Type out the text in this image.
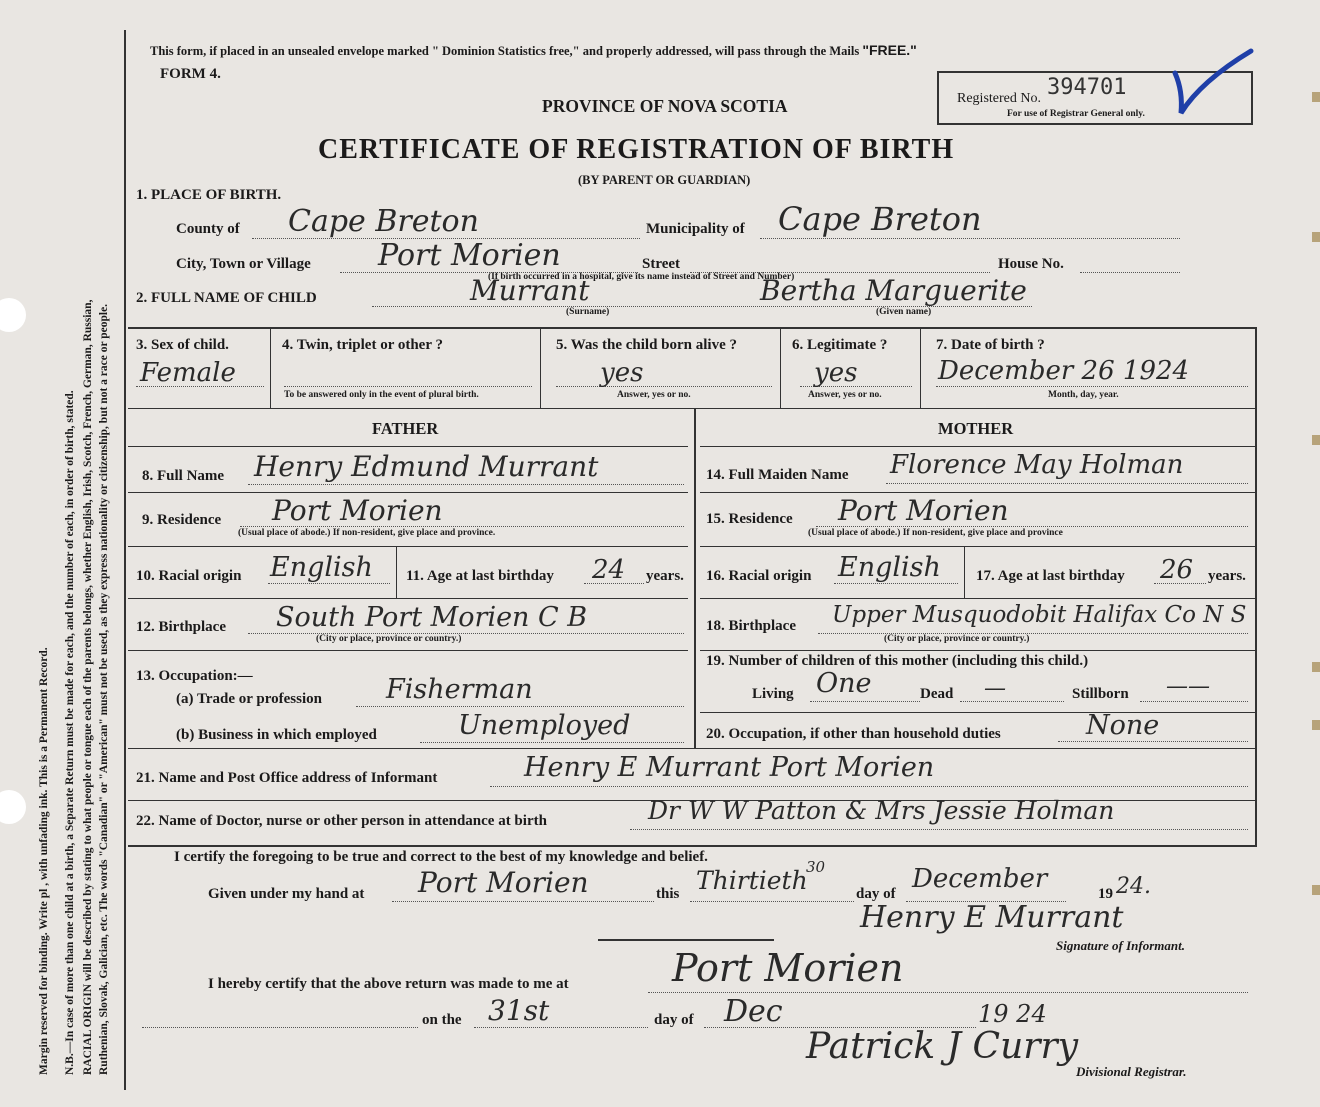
Margin reserved for binding. Write pl , with unfading ink. This is a Permanent Record. N.B.—In case of more than one child at a birth, a Separate Return must be made for each, and the number of each, in order of birth, stated. RACIAL ORIGIN will be described by stating to what people or tongue each of the parents belongs, whether English, Irish, Scotch, French, German, Russian, Ruthenian, Slovak, Galician, etc. The words "Canadian" or "American" must not be used, as they express nationality or citizenship, but not a race or people.
This form, if placed in an unsealed envelope marked " Dominion Statistics free," and properly addressed, will pass through the Mails "FREE."
FORM 4.
PROVINCE OF NOVA SCOTIA	Registered No. 394701
For use of Registrar General only.
CERTIFICATE OF REGISTRATION OF BIRTH
(BY PARENT OR GUARDIAN)
1. PLACE OF BIRTH.
County of Cape Breton	Municipality of Cape Breton
City, Town or Village Port Morien	Street	House No.
(If birth occurred in a hospital, give its name instead of Street and Number)
2. FULL NAME OF CHILD	Murrant	Bertha Marguerite
(Surname)	(Given name)
3. Sex of child.
Female
4. Twin, triplet or other ?
To be answered only in the event of plural birth.
5. Was the child born alive ?
yes
Answer, yes or no.
6. Legitimate ?
yes
Answer, yes or no.
7. Date of birth ?
December 26 1924
Month, day, year.
FATHER	MOTHER
8. Full Name Henry Edmund Murrant
9. Residence Port Morien
(Usual place of abode.) If non-resident, give place and province.
10. Racial origin English 11. Age at last birthday 24 years.
12. Birthplace South Port Morien C B
(City or place, province or country.)
13. Occupation:—
(a) Trade or profession Fisherman
(b) Business in which employed	Unemployed
14. Full Maiden Name Florence May Holman
15. Residence Port Morien
(Usual place of abode.) If non-resident, give place and province
16. Racial origin English 17. Age at last birthday 26 years.
18. Birthplace Upper Musquodobit Halifax Co N S
(City or place, province or country.)
19. Number of children of this mother (including this child.)
Living One	Dead —	Stillborn ——
20. Occupation, if other than household duties	None
21. Name and Post Office address of Informant	Henry E Murrant Port Morien
22. Name of Doctor, nurse or other person in attendance at birth	Dr W W Patton & Mrs Jessie Holman
I certify the foregoing to be true and correct to the best of my knowledge and belief.
Given under my hand at Port Morien	this Thirtieth
30
day of December	19 24.
Henry E Murrant
Signature of Informant.
I hereby certify that the above return was made to me at	Port Morien
on the 31st	day of Dec	19 24
Patrick J Curry
Divisional Registrar.
